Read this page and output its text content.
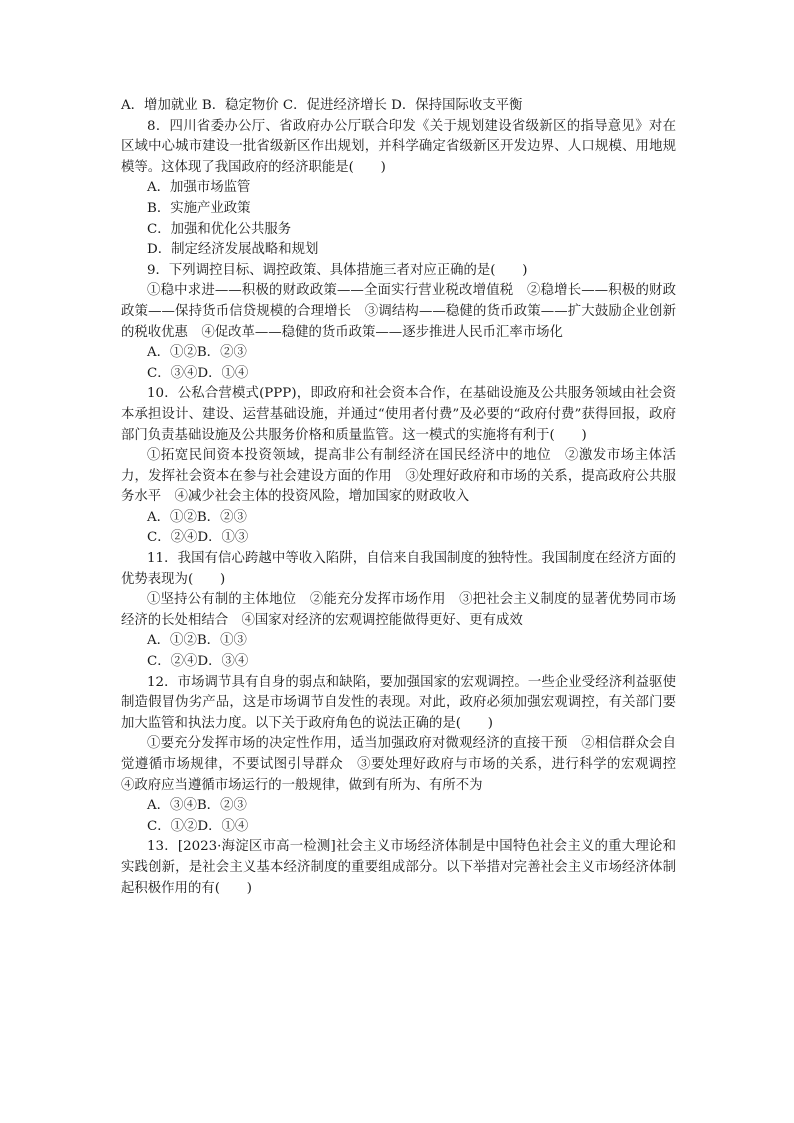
A．增加就业 B．稳定物价 C．促进经济增长 D．保持国际收支平衡
8．四川省委办公厅、省政府办公厅联合印发《关于规划建设省级新区的指导意见》对在区域中心城市建设一批省级新区作出规划，并科学确定省级新区开发边界、人口规模、用地规模等。这体现了我国政府的经济职能是(　　)
A．加强市场监管
B．实施产业政策
C．加强和优化公共服务
D．制定经济发展战略和规划
9．下列调控目标、调控政策、具体措施三者对应正确的是(　　)
①稳中求进——积极的财政政策——全面实行营业税改增值税　②稳增长——积极的财政政策——保持货币信贷规模的合理增长　③调结构——稳健的货币政策——扩大鼓励企业创新的税收优惠　④促改革——稳健的货币政策——逐步推进人民币汇率市场化
A．①②B．②③
C．③④D．①④
10．公私合营模式(PPP)，即政府和社会资本合作，在基础设施及公共服务领域由社会资本承担设计、建设、运营基础设施，并通过“使用者付费”及必要的“政府付费”获得回报，政府部门负责基础设施及公共服务价格和质量监管。这一模式的实施将有利于(　　)
①拓宽民间资本投资领域，提高非公有制经济在国民经济中的地位　②激发市场主体活力，发挥社会资本在参与社会建设方面的作用　③处理好政府和市场的关系，提高政府公共服务水平　④减少社会主体的投资风险，增加国家的财政收入
A．①②B．②③
C．②④D．①③
11．我国有信心跨越中等收入陷阱，自信来自我国制度的独特性。我国制度在经济方面的优势表现为(　　)
①坚持公有制的主体地位　②能充分发挥市场作用　③把社会主义制度的显著优势同市场经济的长处相结合　④国家对经济的宏观调控能做得更好、更有成效
A．①②B．①③
C．②④D．③④
12．市场调节具有自身的弱点和缺陷，要加强国家的宏观调控。一些企业受经济利益驱使制造假冒伪劣产品，这是市场调节自发性的表现。对此，政府必须加强宏观调控，有关部门要加大监管和执法力度。以下关于政府角色的说法正确的是(　　)
①要充分发挥市场的决定性作用，适当加强政府对微观经济的直接干预　②相信群众会自觉遵循市场规律，不要试图引导群众　③要处理好政府与市场的关系，进行科学的宏观调控　④政府应当遵循市场运行的一般规律，做到有所为、有所不为
A．③④B．②③
C．①②D．①④
13．[2023·海淀区市高一检测]社会主义市场经济体制是中国特色社会主义的重大理论和实践创新，是社会主义基本经济制度的重要组成部分。以下举措对完善社会主义市场经济体制起积极作用的有(　　)
